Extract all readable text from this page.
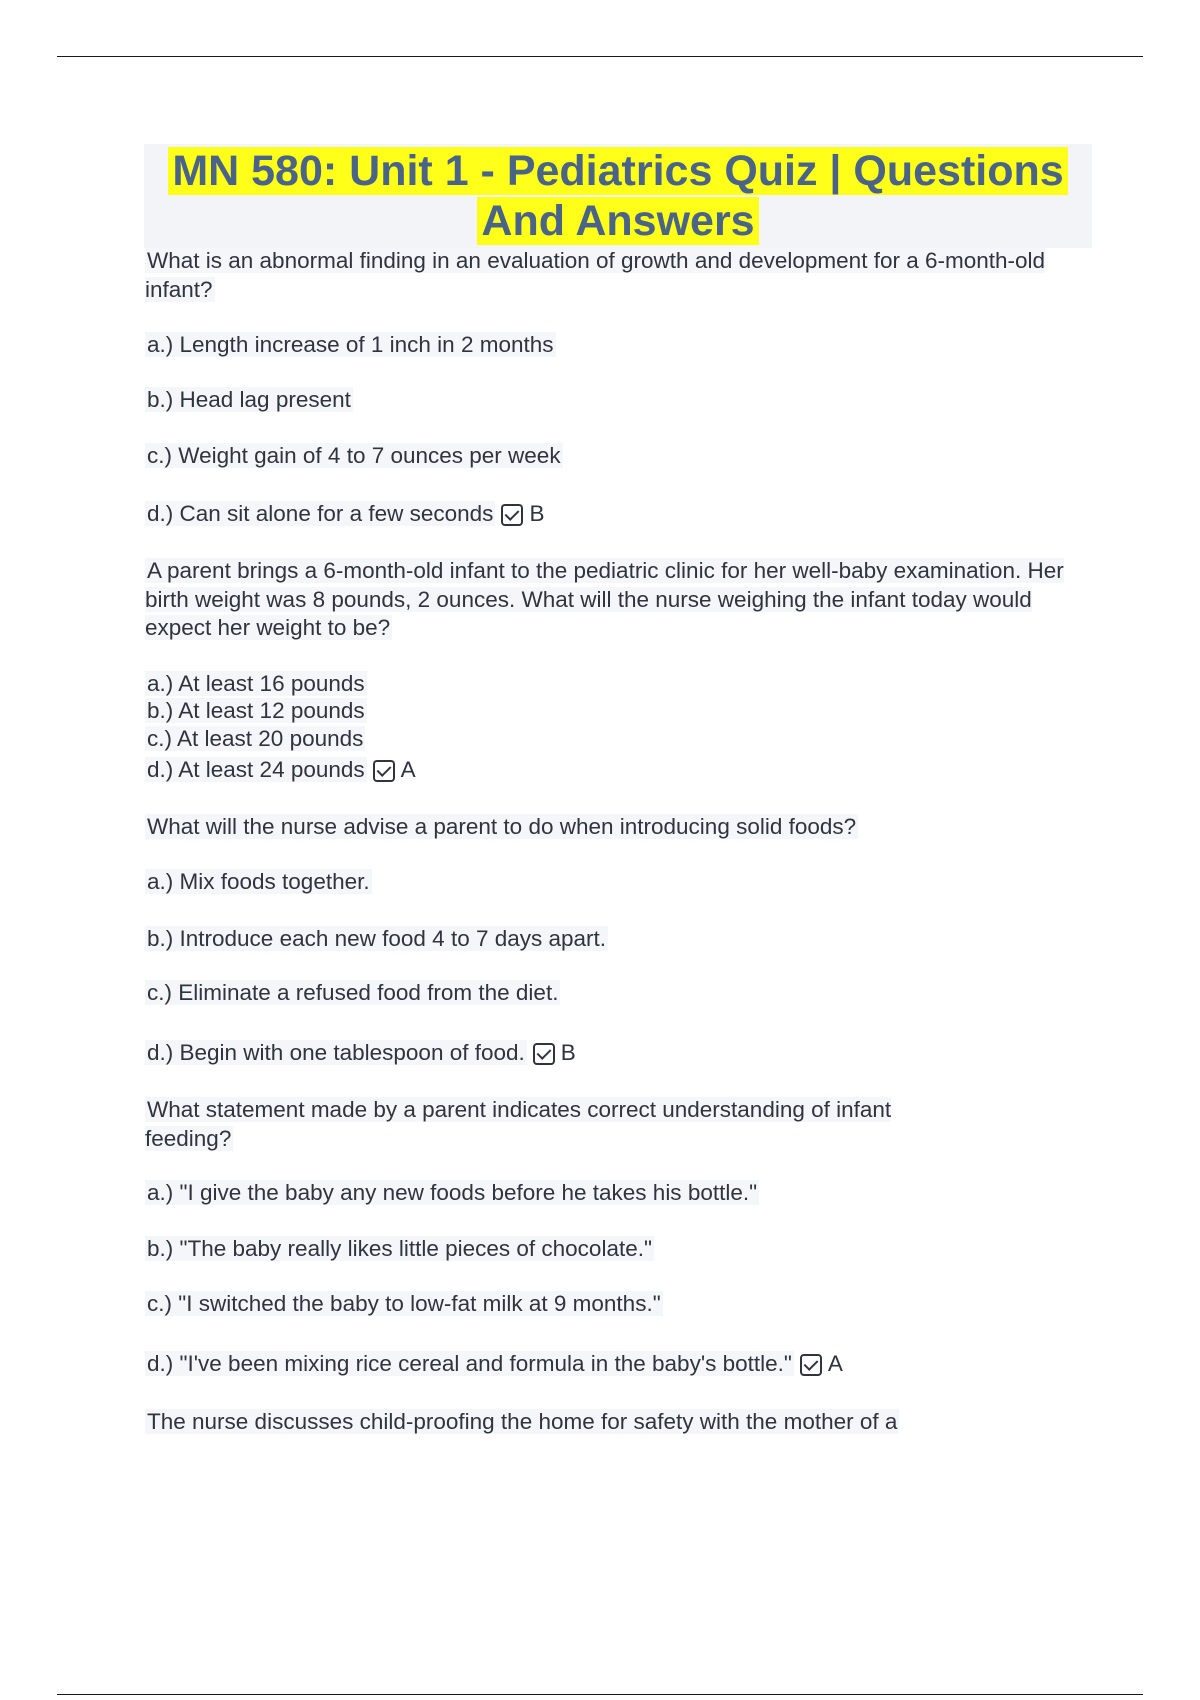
MN 580: Unit 1 - Pediatrics Quiz | Questions
And Answers
What is an abnormal finding in an evaluation of growth and development for a 6-month-old infant?
a.) Length increase of 1 inch in 2 months
b.) Head lag present
c.) Weight gain of 4 to 7 ounces per week
d.) Can sit alone for a few seconds B
A parent brings a 6-month-old infant to the pediatric clinic for her well-baby examination. Her birth weight was 8 pounds, 2 ounces. What will the nurse weighing the infant today would expect her weight to be?
a.) At least 16 pounds
b.) At least 12 pounds
c.) At least 20 pounds
d.) At least 24 pounds A
What will the nurse advise a parent to do when introducing solid foods?
a.) Mix foods together.
b.) Introduce each new food 4 to 7 days apart.
c.) Eliminate a refused food from the diet.
d.) Begin with one tablespoon of food. B
What statement made by a parent indicates correct understanding of infant feeding?
a.) "I give the baby any new foods before he takes his bottle."
b.) "The baby really likes little pieces of chocolate."
c.) "I switched the baby to low-fat milk at 9 months."
d.) "I've been mixing rice cereal and formula in the baby's bottle." A
The nurse discusses child-proofing the home for safety with the mother of a
